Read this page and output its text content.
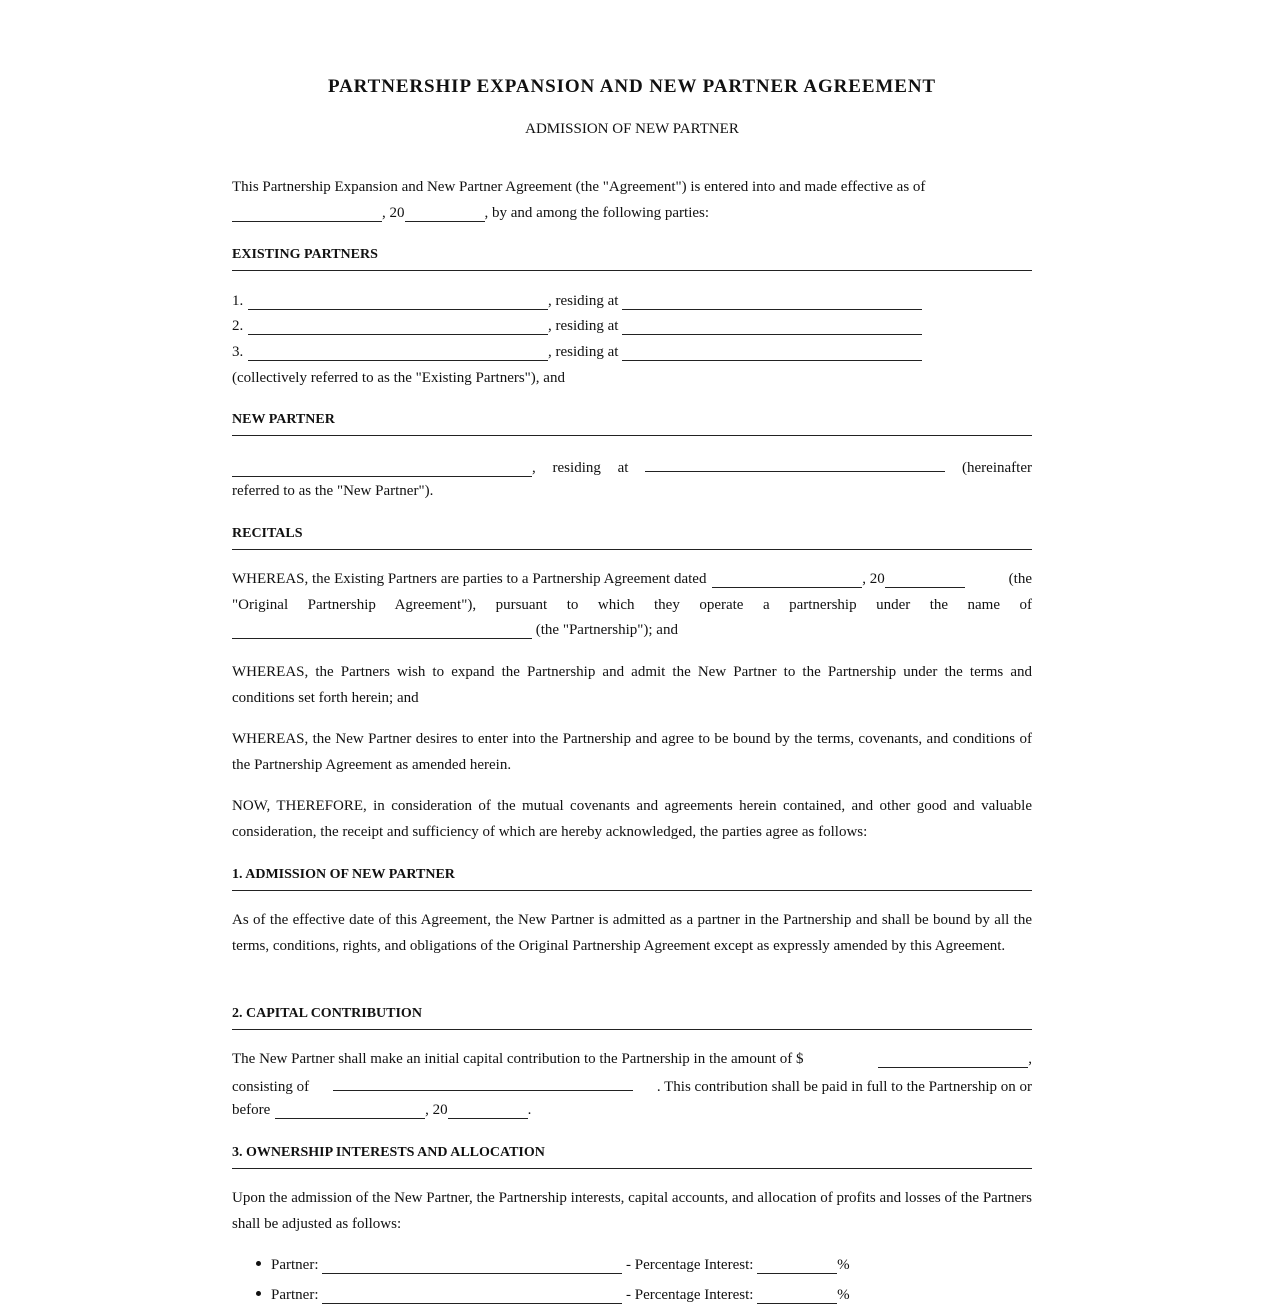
PARTNERSHIP EXPANSION AND NEW PARTNER AGREEMENT
ADMISSION OF NEW PARTNER
This Partnership Expansion and New Partner Agreement (the "Agreement") is entered into and made effective as of
, 20	, by and among the following parties:
EXISTING PARTNERS
1.	, residing at
2.	, residing at
3.	, residing at
(collectively referred to as the "Existing Partners"), and
NEW PARTNER
, residing at	(hereinafter
referred to as the "New Partner").
RECITALS
WHEREAS, the Existing Partners are parties to a Partnership Agreement dated	, 20	(the
"Original Partnership Agreement"), pursuant to which they operate a partnership under the name of
(the "Partnership"); and
WHEREAS, the Partners wish to expand the Partnership and admit the New Partner to the Partnership under the terms and conditions set forth herein; and
WHEREAS, the New Partner desires to enter into the Partnership and agree to be bound by the terms, covenants, and conditions of the Partnership Agreement as amended herein.
NOW, THEREFORE, in consideration of the mutual covenants and agreements herein contained, and other good and valuable consideration, the receipt and sufficiency of which are hereby acknowledged, the parties agree as follows:
1. ADMISSION OF NEW PARTNER
As of the effective date of this Agreement, the New Partner is admitted as a partner in the Partnership and shall be bound by all the terms, conditions, rights, and obligations of the Original Partnership Agreement except as expressly amended by this Agreement.
2. CAPITAL CONTRIBUTION
The New Partner shall make an initial capital contribution to the Partnership in the amount of $	,
consisting of	. This contribution shall be paid in full to the Partnership on or
before	, 20	.
3. OWNERSHIP INTERESTS AND ALLOCATION
Upon the admission of the New Partner, the Partnership interests, capital accounts, and allocation of profits and losses of the Partners shall be adjusted as follows:
Partner:	- Percentage Interest:	%
Partner:	- Percentage Interest:	%
